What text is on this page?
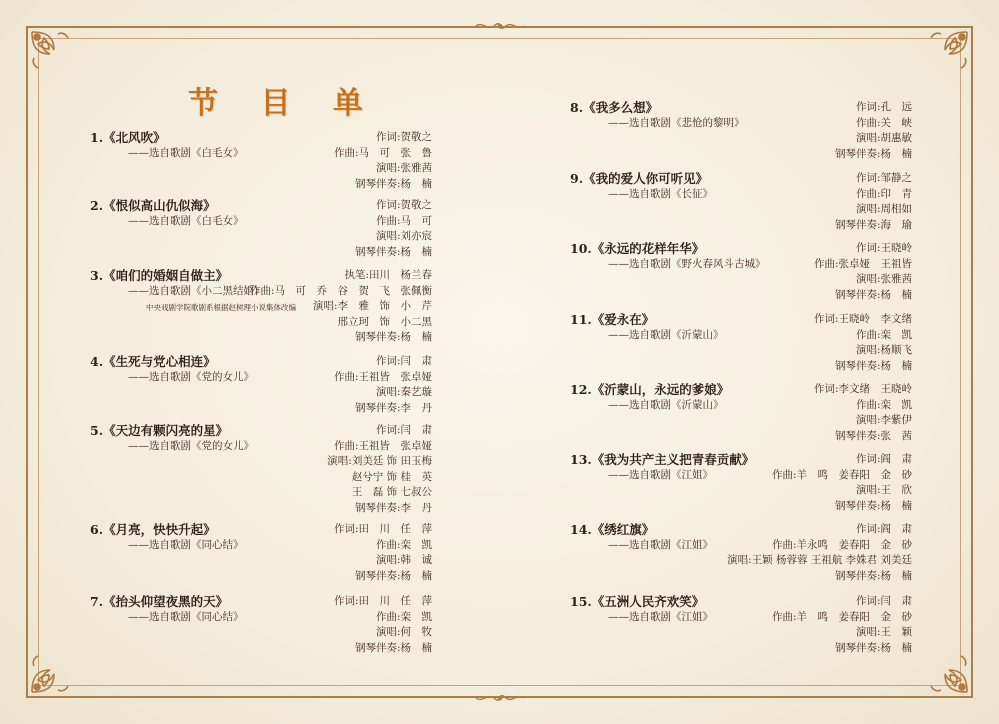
节 目 单
1.《北风吹》
——选自歌剧《白毛女》
作词:贺敬之
作曲:马　可　张　鲁
演唱:张雅茜
钢琴伴奏:杨　楠
2.《恨似高山仇似海》
——选自歌剧《白毛女》
作词:贺敬之
作曲:马　可
演唱:刘亦宸
钢琴伴奏:杨　楠
3.《咱们的婚姻自做主》
——选自歌剧《小二黑结婚》
中央戏剧学院歌剧系根据赵树理小说集体改编
执笔:田川　杨兰春
作曲:马　可　乔　谷　贺　飞　张佩衡
演唱:李　雅　饰　小　芹
邢立珂　饰　小二黑
钢琴伴奏:杨　楠
4.《生死与党心相连》
——选自歌剧《党的女儿》
作词:闫　肃
作曲:王祖皆　张卓娅
演唱:秦艺璇
钢琴伴奏:李　丹
5.《天边有颗闪亮的星》
——选自歌剧《党的女儿》
作词:闫　肃
作曲:王祖皆　张卓娅
演唱:刘美廷 饰 田玉梅
赵兮宁 饰 桂　英
王　磊 饰 七叔公
钢琴伴奏:李　丹
6.《月亮，快快升起》
——选自歌剧《同心结》
作词:田　川　任　萍
作曲:栾　凯
演唱:韩　诚
钢琴伴奏:杨　楠
7.《抬头仰望夜黑的天》
——选自歌剧《同心结》
作词:田　川　任　萍
作曲:栾　凯
演唱:何　牧
钢琴伴奏:杨　楠
8.《我多么想》
——选自歌剧《悲怆的黎明》
作词:孔　远
作曲:关　峡
演唱:胡惠敏
钢琴伴奏:杨　楠
9.《我的爱人你可听见》
——选自歌剧《长征》
作词:邹静之
作曲:印　青
演唱:周相如
钢琴伴奏:海　瑜
10.《永远的花样年华》
——选自歌剧《野火春风斗古城》
作词:王晓岭
作曲:张卓娅　王祖皆
演唱:张雅茜
钢琴伴奏:杨　楠
11.《爱永在》
——选自歌剧《沂蒙山》
作词:王晓岭　李文绪
作曲:栾　凯
演唱:杨顺飞
钢琴伴奏:杨　楠
12.《沂蒙山，永远的爹娘》
——选自歌剧《沂蒙山》
作词:李文绪　王晓岭
作曲:栾　凯
演唱:李紫伊
钢琴伴奏:张　茜
13.《我为共产主义把青春贡献》
——选自歌剧《江姐》
作词:阎　肃
作曲:羊　鸣　姜春阳　金　砂
演唱:王　欣
钢琴伴奏:杨　楠
14.《绣红旗》
——选自歌剧《江姐》
作词:阎　肃
作曲:羊永鸣　姜春阳　金　砂
演唱:王颖 杨蓉蓉 王祖航 李姝君 刘美廷
钢琴伴奏:杨　楠
15.《五洲人民齐欢笑》
——选自歌剧《江姐》
作词:闫　肃
作曲:羊　鸣　姜春阳　金　砂
演唱:王　颖
钢琴伴奏:杨　楠
